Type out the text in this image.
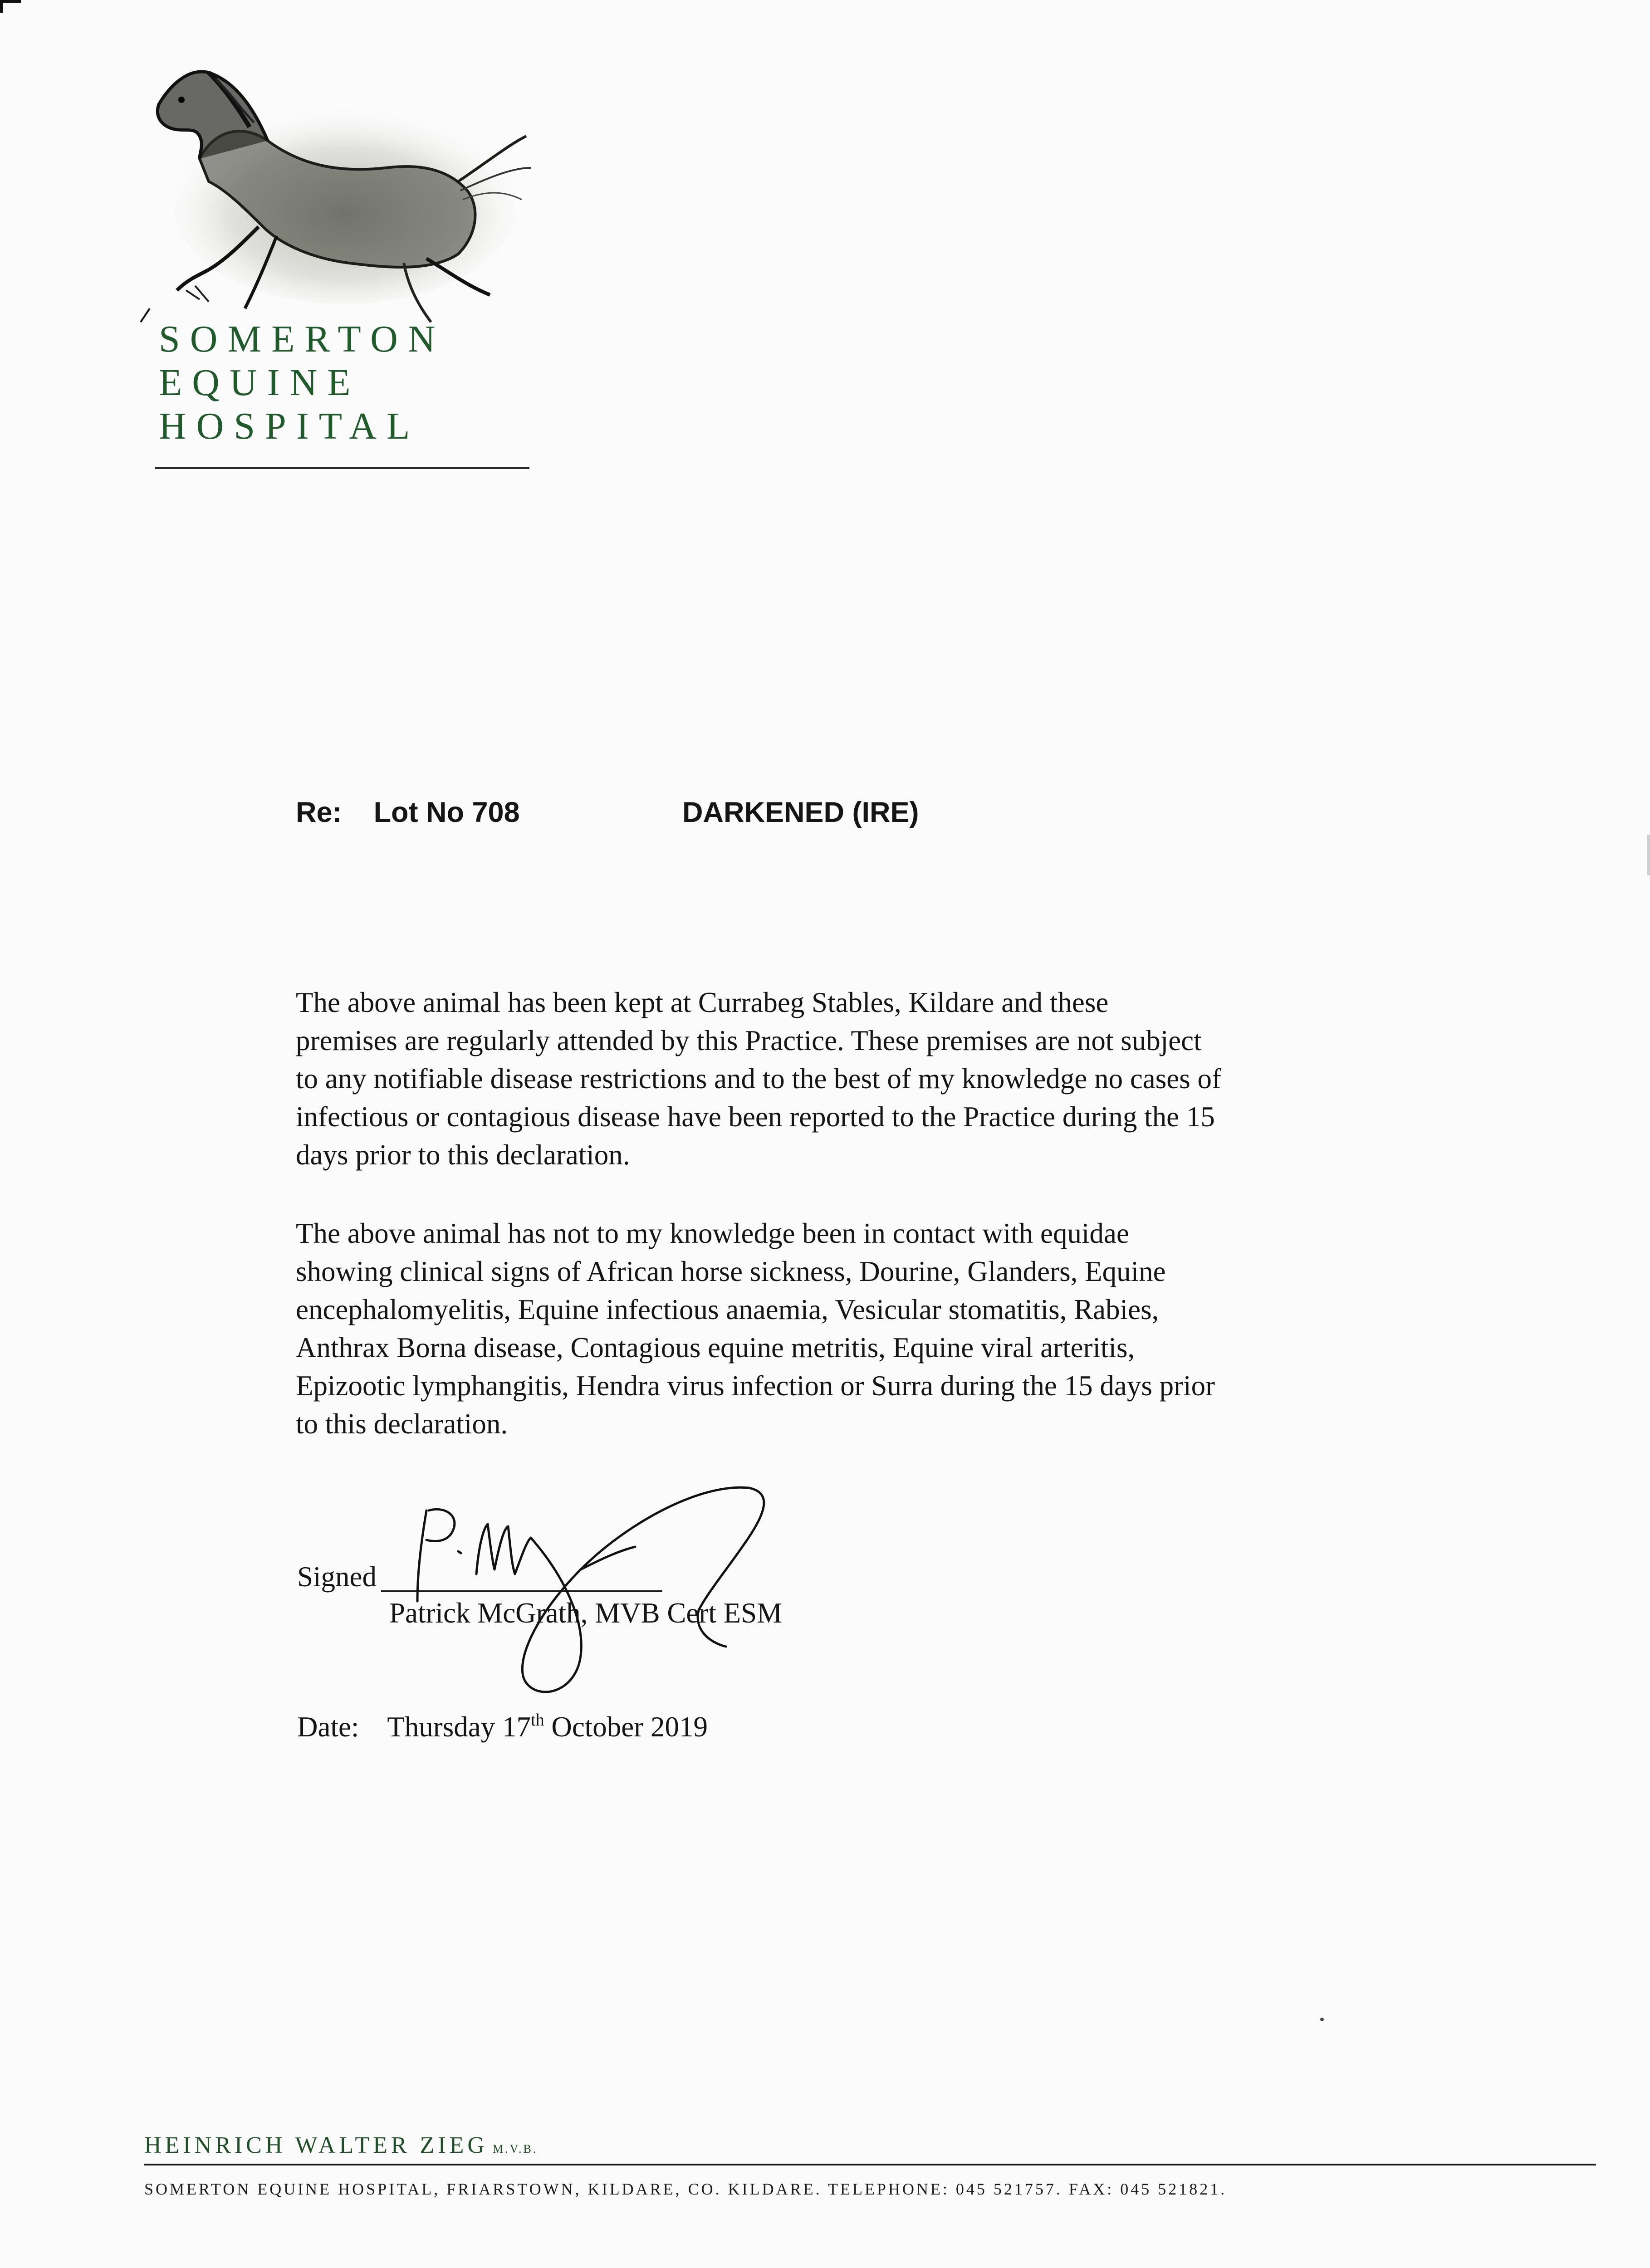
SOMERTON
EQUINE
HOSPITAL
Re: Lot No 708	DARKENED (IRE)
The above animal has been kept at Currabeg Stables, Kildare and these
premises are regularly attended by this Practice. These premises are not subject
to any notifiable disease restrictions and to the best of my knowledge no cases of
infectious or contagious disease have been reported to the Practice during the 15
days prior to this declaration.
The above animal has not to my knowledge been in contact with equidae
showing clinical signs of African horse sickness, Dourine, Glanders, Equine
encephalomyelitis, Equine infectious anaemia, Vesicular stomatitis, Rabies,
Anthrax Borna disease, Contagious equine metritis, Equine viral arteritis,
Epizootic lymphangitis, Hendra virus infection or Surra during the 15 days prior
to this declaration.
Signed
Patrick McGrath, MVB Cert ESM
Date: Thursday 17th October 2019
HEINRICH WALTER ZIEG M.V.B.
SOMERTON EQUINE HOSPITAL, FRIARSTOWN, KILDARE, CO. KILDARE. TELEPHONE: 045 521757. FAX: 045 521821.
